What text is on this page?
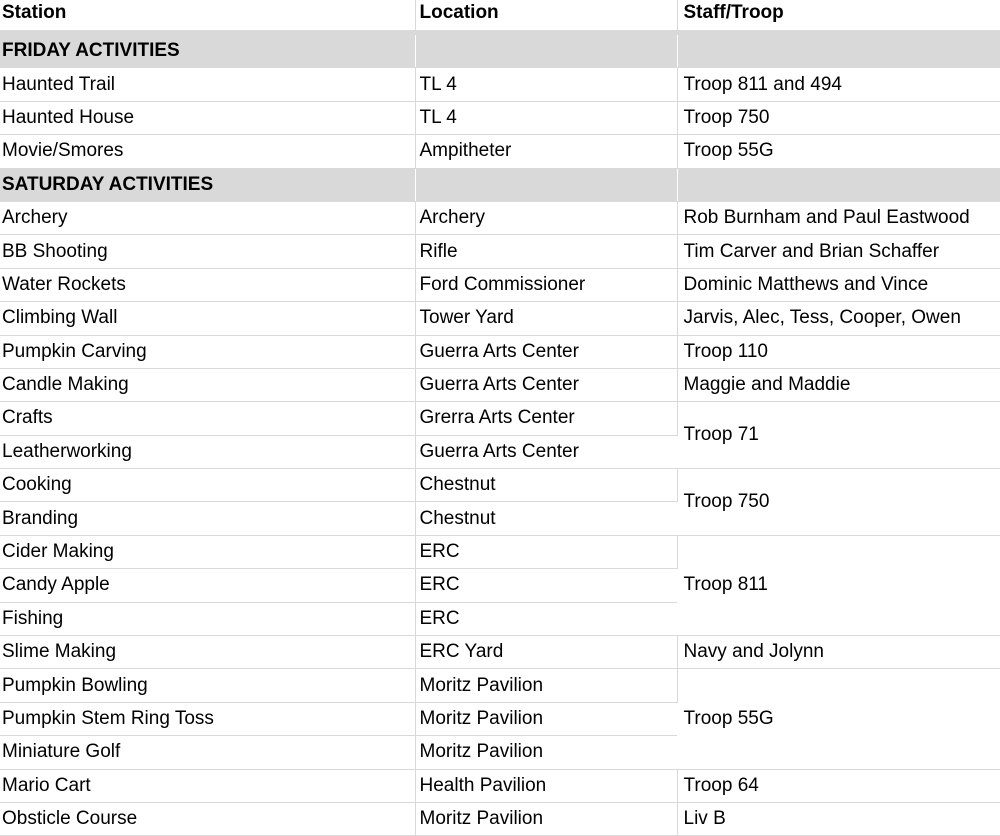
Station	Location	Staff/Troop
FRIDAY ACTIVITIES		
Haunted Trail	TL 4	Troop 811 and 494
Haunted House	TL 4	Troop 750
Movie/Smores	Ampitheter	Troop 55G
SATURDAY ACTIVITIES		
Archery	Archery	Rob Burnham and Paul Eastwood
BB Shooting	Rifle	Tim Carver and Brian Schaffer
Water Rockets	Ford Commissioner	Dominic Matthews and Vince
Climbing Wall	Tower Yard	Jarvis, Alec, Tess, Cooper, Owen
Pumpkin Carving	Guerra Arts Center	Troop 110
Candle Making	Guerra Arts Center	Maggie and Maddie
Crafts	Grerra Arts Center	Troop 71
Leatherworking	Guerra Arts Center	
Cooking	Chestnut	Troop 750
Branding	Chestnut	
Cider Making	ERC	Troop 811
Candy Apple	ERC	
Fishing	ERC	
Slime Making	ERC Yard	Navy and Jolynn
Pumpkin Bowling	Moritz Pavilion	Troop 55G
Pumpkin Stem Ring Toss	Moritz Pavilion	
Miniature Golf	Moritz Pavilion	
Mario Cart	Health Pavilion	Troop 64
Obsticle Course	Moritz Pavilion	Liv B
